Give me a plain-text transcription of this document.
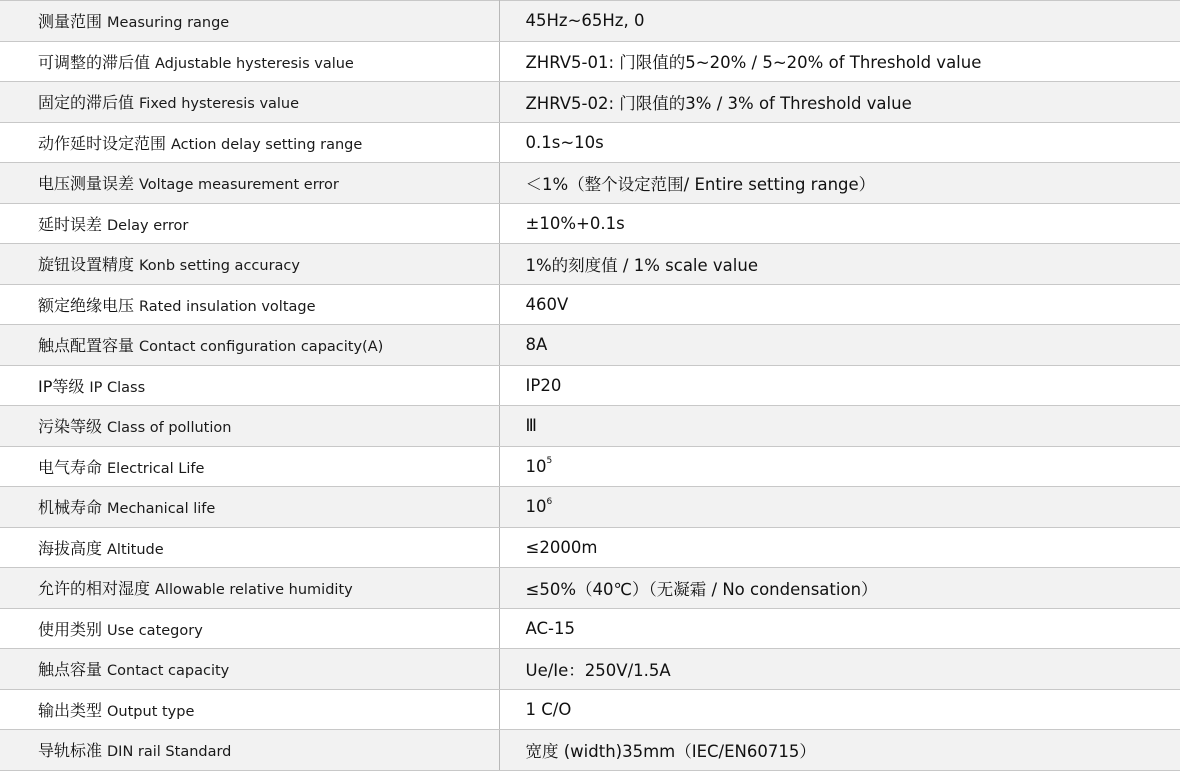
测量范围 Measuring range	45Hz~65Hz, 0
可调整的滞后值 Adjustable hysteresis value	ZHRV5-01: 门限值的5~20% / 5~20% of Threshold value
固定的滞后值 Fixed hysteresis value	ZHRV5-02: 门限值的3% / 3% of Threshold value
动作延时设定范围 Action delay setting range	0.1s~10s
电压测量误差 Voltage measurement error	＜1%（整个设定范围/ Entire setting range）
延时误差 Delay error	±10%+0.1s
旋钮设置精度 Konb setting accuracy	1%的刻度值 / 1% scale value
额定绝缘电压 Rated insulation voltage	460V
触点配置容量 Contact configuration capacity(A)	8A
IP等级 IP Class	IP20
污染等级 Class of pollution	Ⅲ
电气寿命 Electrical Life	$10^5$
机械寿命 Mechanical life	$10^6$
海拔高度 Altitude	≤2000m
允许的相对湿度 Allowable relative humidity	≤50%（40℃）（无凝霜 / No condensation）
使用类别 Use category	AC-15
触点容量 Contact capacity	Ue/Ie：250V/1.5A
输出类型 Output type	1 C/O
导轨标准 DIN rail Standard	宽度 (width)35mm（IEC/EN60715）
